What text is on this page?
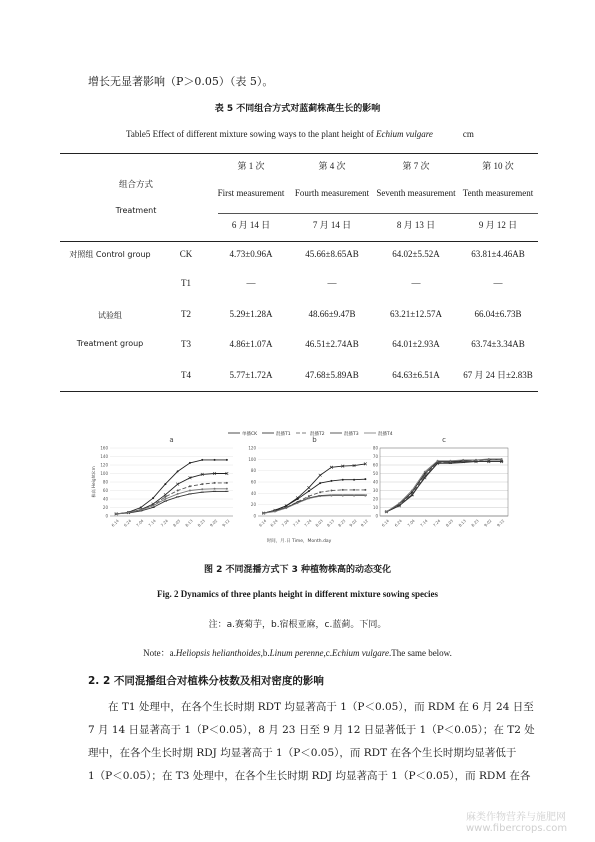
增长无显著影响（P＞0.05）（表 5）。
表 5 不同组合方式对蓝蓟株高生长的影响
Table5 Effect of different mixture sowing ways to the plant height of Echium vulgare	cm
组合方式
Treatment		第 1 次	第 4 次	第 7 次	第 10 次
		First measurement	Fourth measurement	Seventh measurement	Tenth measurement
		6 月 14 日	7 月 14 日	8 月 13 日	9 月 12 日
对照组 Control group	CK	4.73±0.96A	45.66±8.65AB	64.02±5.52A	63.81±4.46AB

试验组
Treatment group	T1	—	—	—	—
	T2	5.29±1.28A	48.66±9.47B	63.21±12.57A	66.04±6.73B
	T3	4.86±1.07A	46.51±2.74AB	64.01±2.93A	63.74±3.34AB
	T4	5.77±1.72A	47.68±5.89AB	64.63±6.51A	67 月 24 日±2.83B
单播CK	混播T1	混播T2	混播T3	混播T4
a
0
20
40
60
80
100
120
140
160
6.14 6.24 7.04 7.14 7.24 8.03 8.13 8.23 9.02 9.12
b
0
20
40
60
80
100
120
6.14 6.24 7.04 7.14 7.24 8.03 8.13 8.23 9.02 9.12
c
0
10
20
30
40
50
60
70
80
6.14 6.24 7.04 7.14 7.24 8.03 8.13 8.23 9.02 9.12
株高 Height/cm
时间，月.日 Time，Month.day
图 2 不同混播方式下 3 种植物株高的动态变化
Fig. 2 Dynamics of three plants height in different mixture sowing species
注：a.赛菊芋，b.宿根亚麻，c.蓝蓟。下同。
Note：a.Heliopsis helianthoides,b.Linum perenne,c.Echium vulgare.The same below.
2. 2 不同混播组合对植株分枝数及相对密度的影响
在 T1 处理中，在各个生长时期 RDT 均显著高于 1（P＜0.05），而 RDM 在 6 月 24 日至
7 月 14 日显著高于 1（P＜0.05），8 月 23 日至 9 月 12 日显著低于 1（P＜0.05）；在 T2 处
理中，在各个生长时期 RDJ 均显著高于 1（P＜0.05），而 RDT 在各个生长时期均显著低于
1（P＜0.05）；在 T3 处理中，在各个生长时期 RDJ 均显著高于 1（P＜0.05），而 RDM 在各
麻类作物营养与施肥网
www.fibercrops.com
